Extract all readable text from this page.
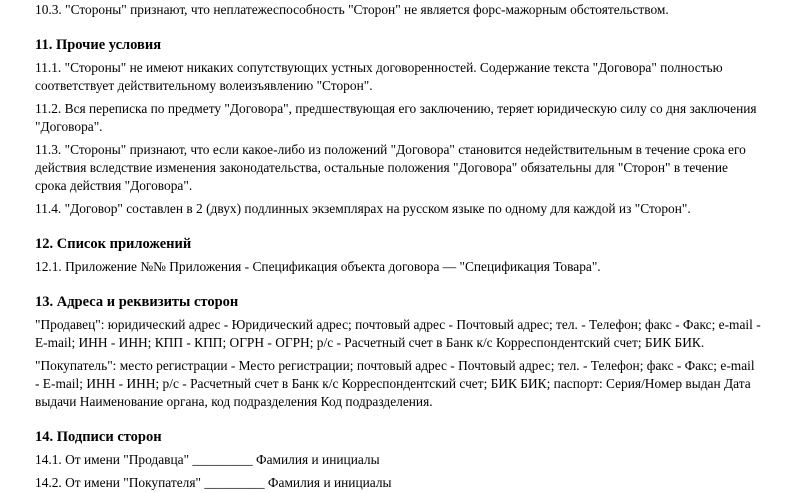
10.3. "Стороны" признают, что неплатежеспособность "Сторон" не является форс-мажорным обстоятельством.

11. Прочие условия

11.1. "Стороны" не имеют никаких сопутствующих устных договоренностей. Содержание текста "Договора" полностью соответствует действительному волеизъявлению "Сторон".

11.2. Вся переписка по предмету "Договора", предшествующая его заключению, теряет юридическую силу со дня заключения "Договора".

11.3. "Стороны" признают, что если какое-либо из положений "Договора" становится недействительным в течение срока его действия вследствие изменения законодательства, остальные положения "Договора" обязательны для "Сторон" в течение срока действия "Договора".

11.4. "Договор" составлен в 2 (двух) подлинных экземплярах на русском языке по одному для каждой из "Сторон".

12. Список приложений

12.1. Приложение №№ Приложения - Спецификация объекта договора — "Спецификация Товара".

13. Адреса и реквизиты сторон

"Продавец": юридический адрес - Юридический адрес; почтовый адрес - Почтовый адрес; тел. - Телефон; факс - Факс; e-mail - E-mail; ИНН - ИНН; КПП - КПП; ОГРН - ОГРН; р/с - Расчетный счет в Банк к/с Корреспондентский счет; БИК БИК.

"Покупатель": место регистрации - Место регистрации; почтовый адрес - Почтовый адрес; тел. - Телефон; факс - Факс; e-mail - E-mail; ИНН - ИНН; р/с - Расчетный счет в Банк к/с Корреспондентский счет; БИК БИК; паспорт: Серия/Номер выдан Дата выдачи Наименование органа, код подразделения Код подразделения.

14. Подписи сторон

14.1. От имени "Продавца" _________ Фамилия и инициалы

14.2. От имени "Покупателя" _________ Фамилия и инициалы
